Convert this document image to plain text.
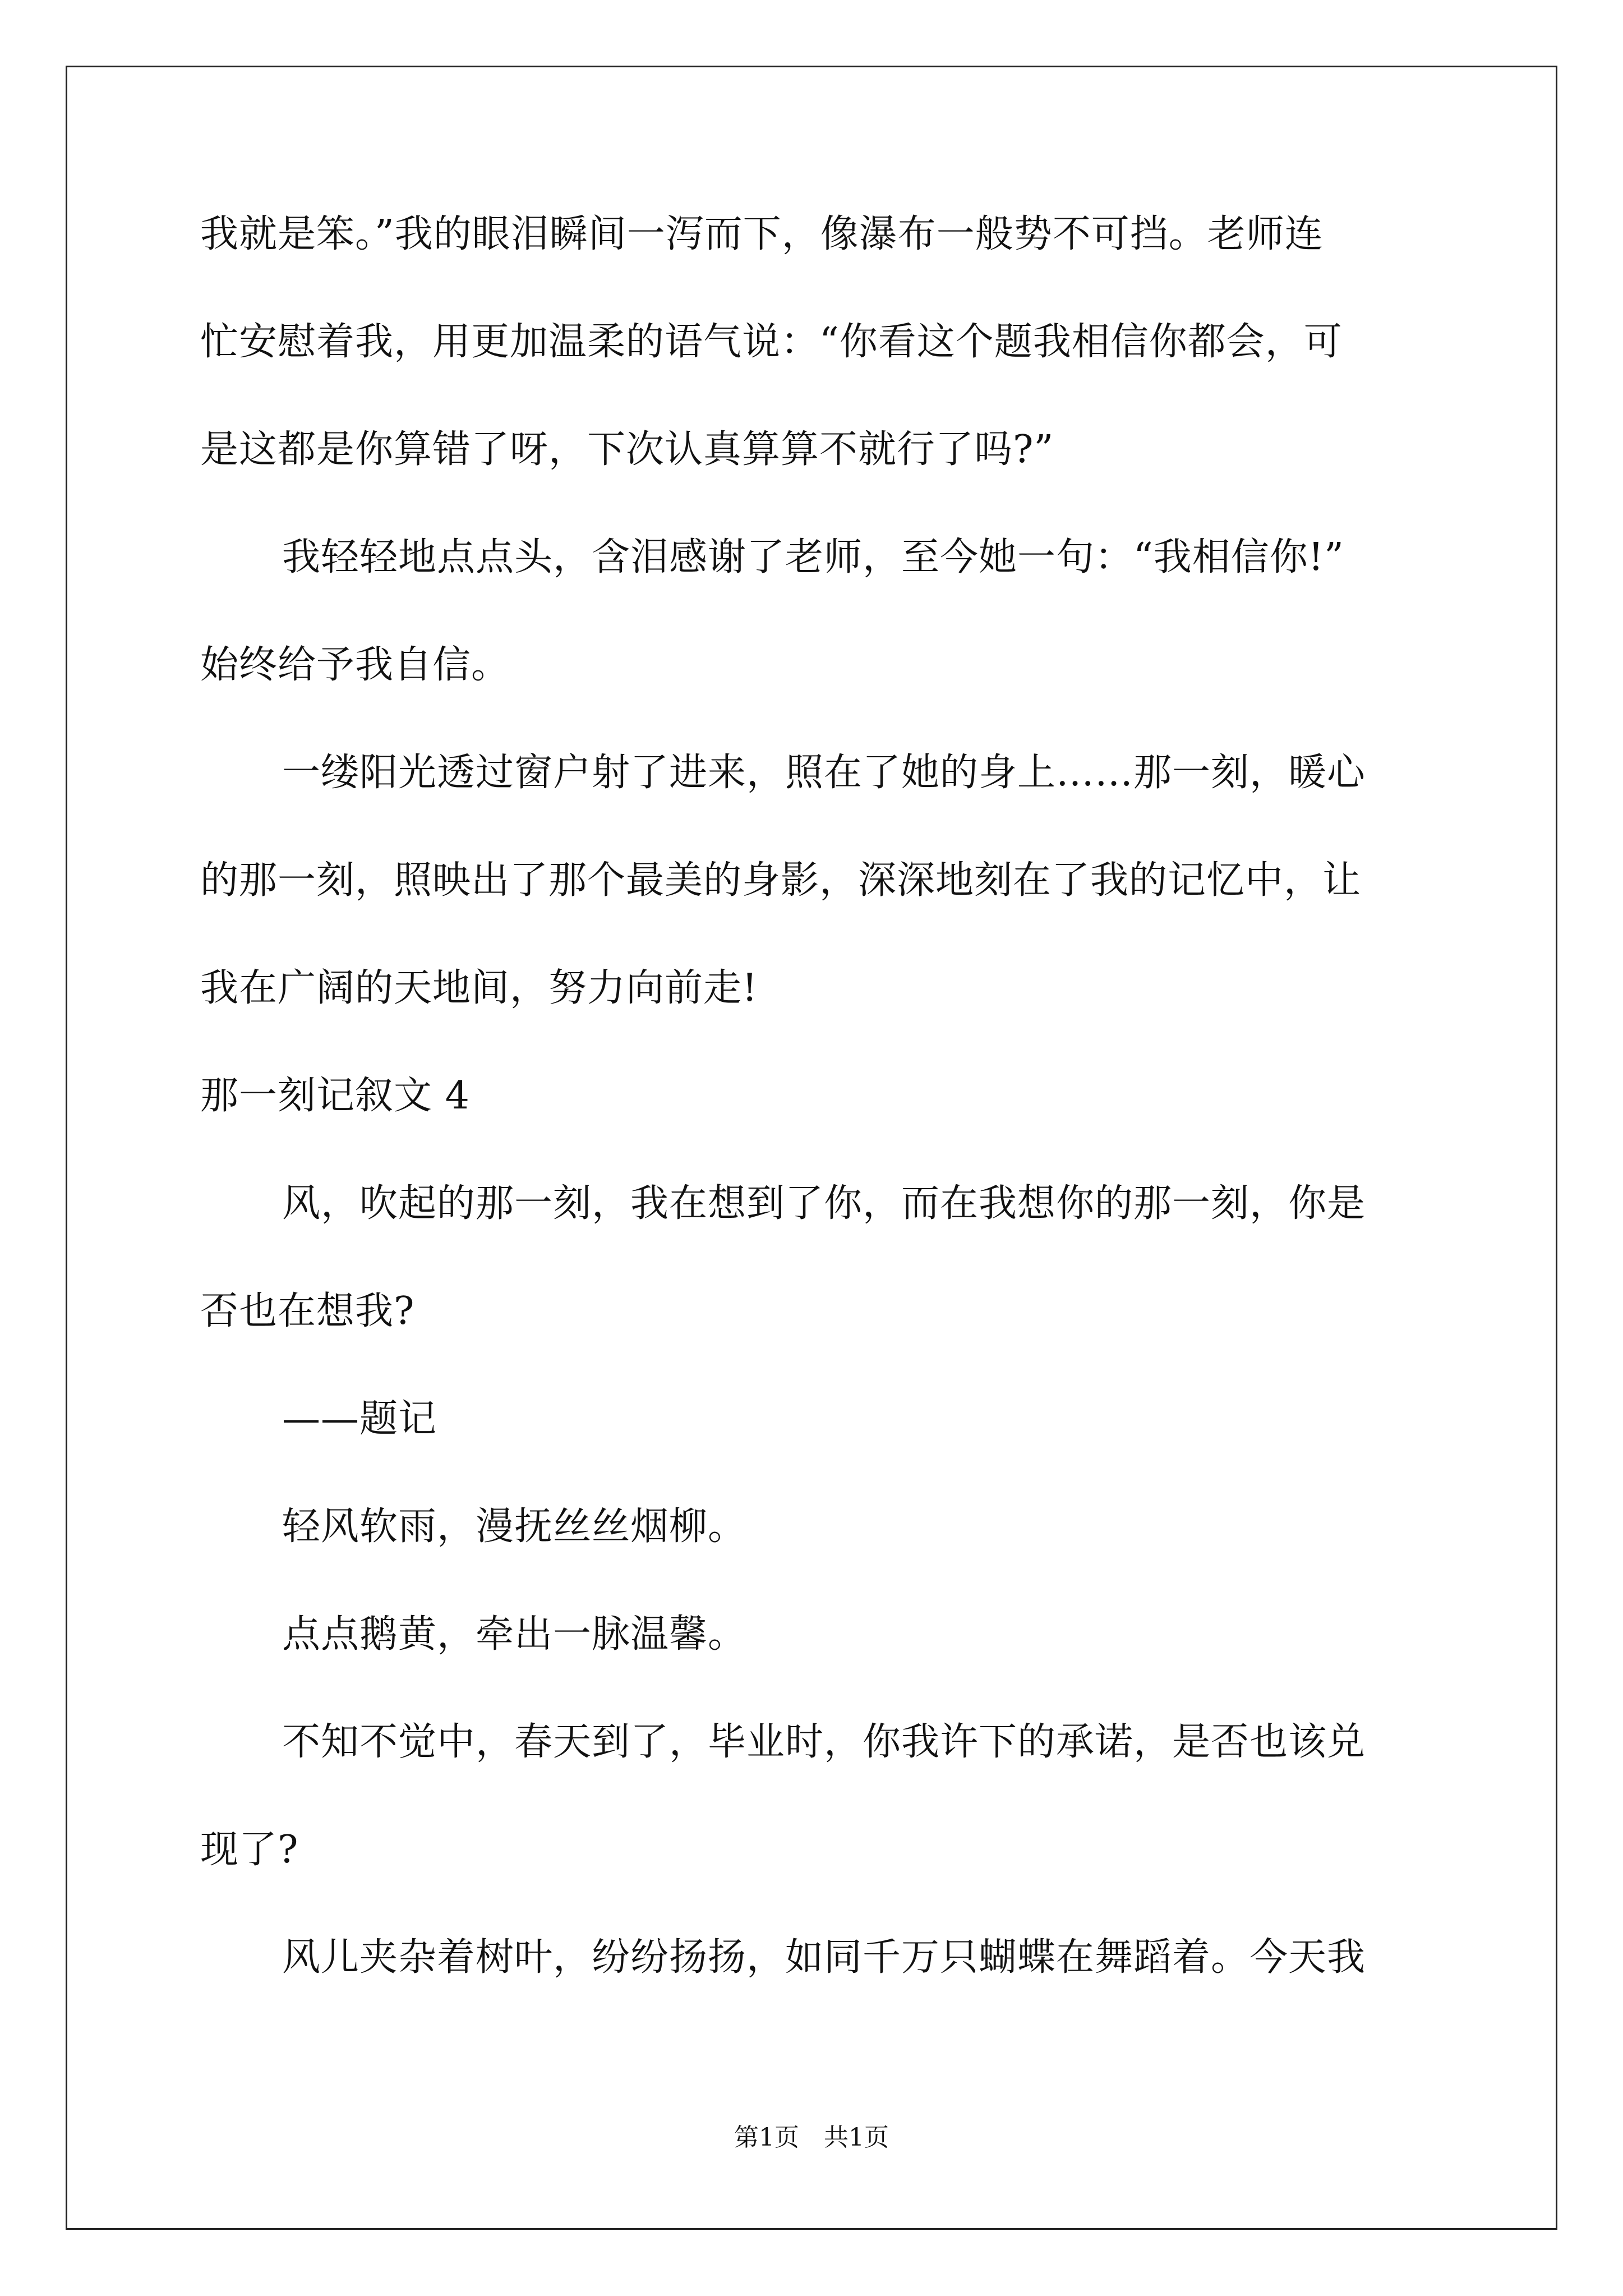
我就是笨。”我的眼泪瞬间一泻而下，像瀑布一般势不可挡。老师连
忙安慰着我，用更加温柔的语气说：“你看这个题我相信你都会，可
是这都是你算错了呀，下次认真算算不就行了吗?”
我轻轻地点点头，含泪感谢了老师，至今她一句：“我相信你!”
始终给予我自信。
一缕阳光透过窗户射了进来，照在了她的身上……那一刻，暖心
的那一刻，照映出了那个最美的身影，深深地刻在了我的记忆中，让
我在广阔的天地间，努力向前走!
那一刻记叙文 4
风，吹起的那一刻，我在想到了你，而在我想你的那一刻，你是
否也在想我?
——题记
轻风软雨，漫抚丝丝烟柳。
点点鹅黄，牵出一脉温馨。
不知不觉中，春天到了，毕业时，你我许下的承诺，是否也该兑
现了?
风儿夹杂着树叶，纷纷扬扬，如同千万只蝴蝶在舞蹈着。今天我
第1页　共1页
